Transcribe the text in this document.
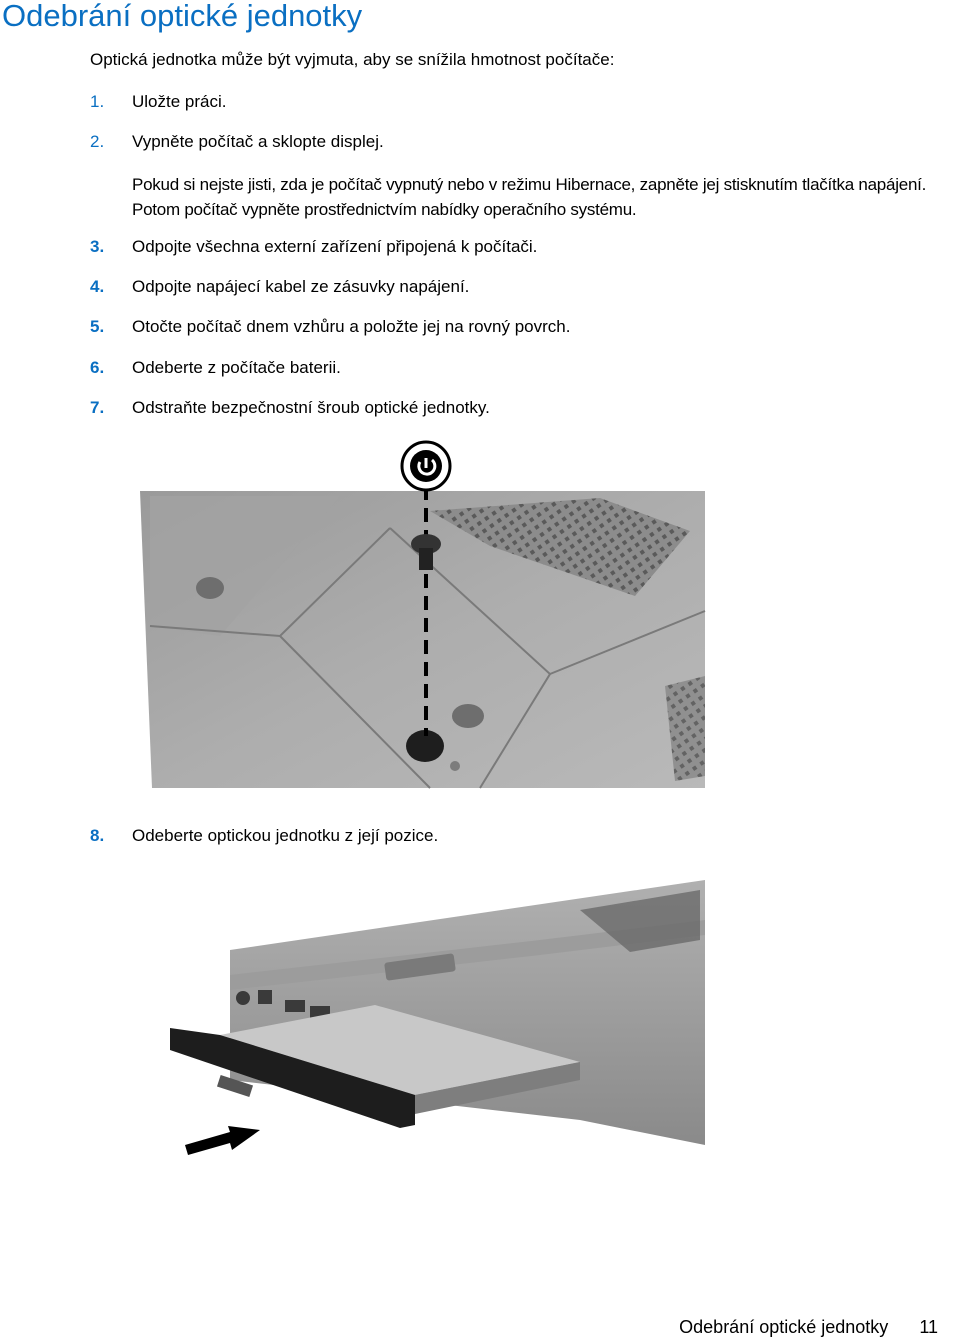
Odebrání optické jednotky
Optická jednotka může být vyjmuta, aby se snížila hmotnost počítače:
1. Uložte práci.
2. Vypněte počítač a sklopte displej.
Pokud si nejste jisti, zda je počítač vypnutý nebo v režimu Hibernace, zapněte jej stisknutím tlačítka napájení. Potom počítač vypněte prostřednictvím nabídky operačního systému.
3. Odpojte všechna externí zařízení připojená k počítači.
4. Odpojte napájecí kabel ze zásuvky napájení.
5. Otočte počítač dnem vzhůru a položte jej na rovný povrch.
6. Odeberte z počítače baterii.
7. Odstraňte bezpečnostní šroub optické jednotky.
8. Odeberte optickou jednotku z její pozice.
Odebrání optické jednotky 11
